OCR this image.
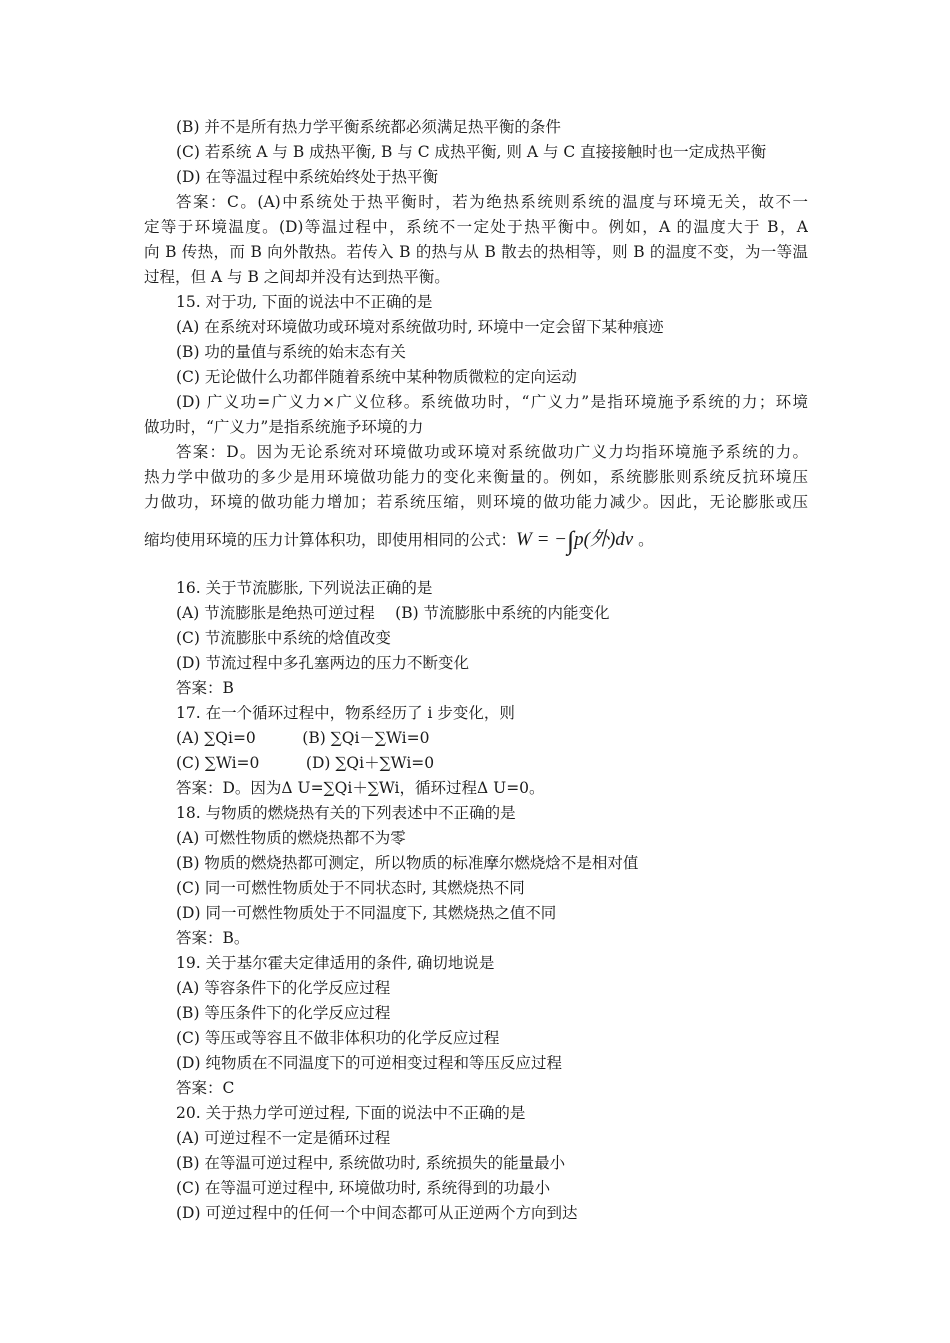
(B) 并不是所有热力学平衡系统都必须满足热平衡的条件
(C) 若系统 A 与 B 成热平衡, B 与 C 成热平衡, 则 A 与 C 直接接触时也一定成热平衡
(D) 在等温过程中系统始终处于热平衡
答案：C。(A)中系统处于热平衡时，若为绝热系统则系统的温度与环境无关，故不一
定等于环境温度。(D)等温过程中，系统不一定处于热平衡中。例如，A 的温度大于 B，A
向 B 传热，而 B 向外散热。若传入 B 的热与从 B 散去的热相等，则 B 的温度不变，为一等温
过程，但 A 与 B 之间却并没有达到热平衡。
15. 对于功, 下面的说法中不正确的是
(A) 在系统对环境做功或环境对系统做功时, 环境中一定会留下某种痕迹
(B) 功的量值与系统的始末态有关
(C) 无论做什么功都伴随着系统中某种物质微粒的定向运动
(D) 广义功=广义力×广义位移。系统做功时，“广义力”是指环境施予系统的力；环境
做功时，“广义力”是指系统施予环境的力
答案：D。因为无论系统对环境做功或环境对系统做功广义力均指环境施予系统的力。
热力学中做功的多少是用环境做功能力的变化来衡量的。例如，系统膨胀则系统反抗环境压
力做功，环境的做功能力增加；若系统压缩，则环境的做功能力减少。因此，无论膨胀或压
缩均使用环境的压力计算体积功，即使用相同的公式：W = −∫p(外)dv 。
16. 关于节流膨胀, 下列说法正确的是
(A) 节流膨胀是绝热可逆过程　 (B) 节流膨胀中系统的内能变化
(C) 节流膨胀中系统的焓值改变
(D) 节流过程中多孔塞两边的压力不断变化
答案：B
17. 在一个循环过程中，物系经历了 i 步变化，则
(A) ∑Qi=0　　　(B) ∑Qi－∑Wi=0
(C) ∑Wi=0　　　(D) ∑Qi＋∑Wi=0
答案：D。因为Δ U=∑Qi＋∑Wi，循环过程Δ U=0。
18. 与物质的燃烧热有关的下列表述中不正确的是
(A) 可燃性物质的燃烧热都不为零
(B) 物质的燃烧热都可测定，所以物质的标准摩尔燃烧焓不是相对值
(C) 同一可燃性物质处于不同状态时, 其燃烧热不同
(D) 同一可燃性物质处于不同温度下, 其燃烧热之值不同
答案：B。
19. 关于基尔霍夫定律适用的条件, 确切地说是
(A) 等容条件下的化学反应过程
(B) 等压条件下的化学反应过程
(C) 等压或等容且不做非体积功的化学反应过程
(D) 纯物质在不同温度下的可逆相变过程和等压反应过程
答案：C
20. 关于热力学可逆过程, 下面的说法中不正确的是
(A) 可逆过程不一定是循环过程
(B) 在等温可逆过程中, 系统做功时, 系统损失的能量最小
(C) 在等温可逆过程中, 环境做功时, 系统得到的功最小
(D) 可逆过程中的任何一个中间态都可从正逆两个方向到达
